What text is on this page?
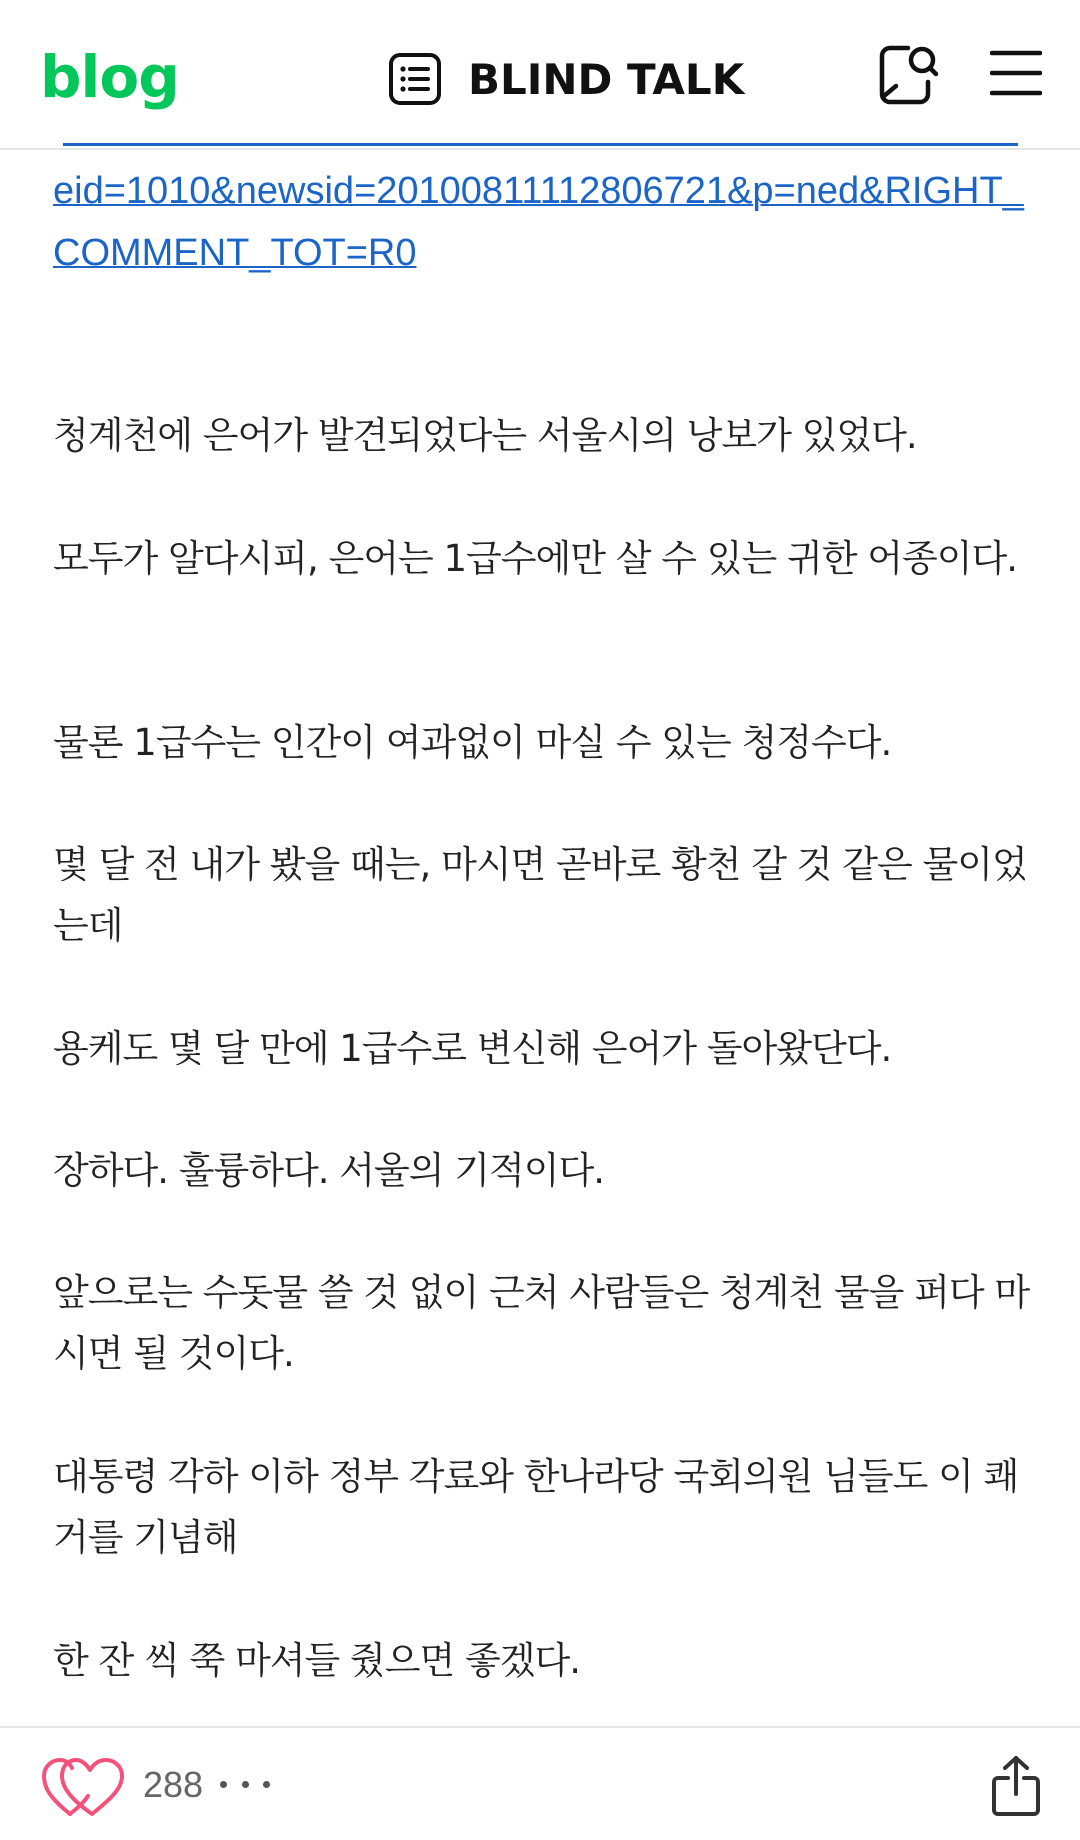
blog	BLIND TALK
eid=1010&newsid=20100811112806721&p=ned&RIGHT_COMMENT_TOT=R0
청계천에 은어가 발견되었다는 서울시의 낭보가 있었다.
모두가 알다시피, 은어는 1급수에만 살 수 있는 귀한 어종이다.
물론 1급수는 인간이 여과없이 마실 수 있는 청정수다.
몇 달 전 내가 봤을 때는, 마시면 곧바로 황천 갈 것 같은 물이었는데
용케도 몇 달 만에 1급수로 변신해 은어가 돌아왔단다.
장하다. 훌륭하다. 서울의 기적이다.
앞으로는 수돗물 쓸 것 없이 근처 사람들은 청계천 물을 퍼다 마시면 될 것이다.
대통령 각하 이하 정부 각료와 한나라당 국회의원 님들도 이 쾌거를 기념해
한 잔 씩 쭉 마셔들 줬으면 좋겠다.
288
